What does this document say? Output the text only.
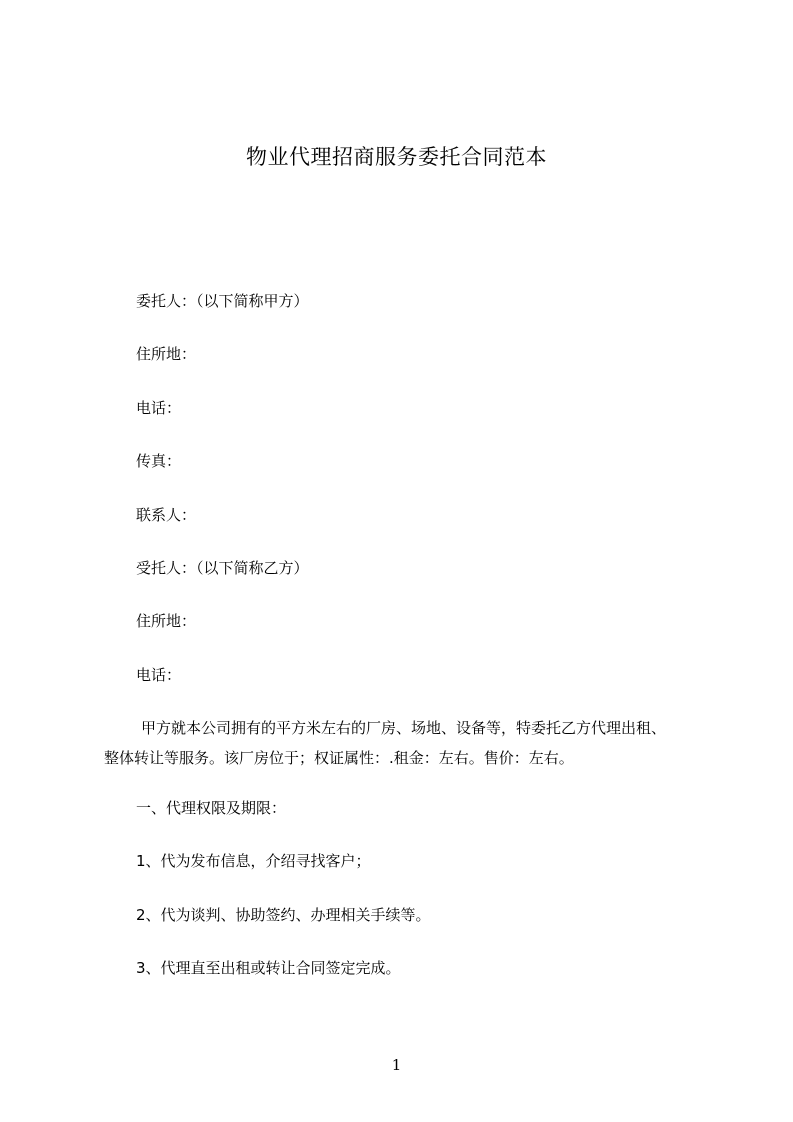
物业代理招商服务委托合同范本
委托人：（以下简称甲方）
住所地：
电话：
传真：
联系人：
受托人：（以下简称乙方）
住所地：
电话：
甲方就本公司拥有的平方米左右的厂房、场地、设备等，特委托乙方代理出租、
整体转让等服务。该厂房位于；权证属性：.租金：左右。售价：左右。
一、代理权限及期限：
1、代为发布信息，介绍寻找客户；
2、代为谈判、协助签约、办理相关手续等。
3、代理直至出租或转让合同签定完成。
1
